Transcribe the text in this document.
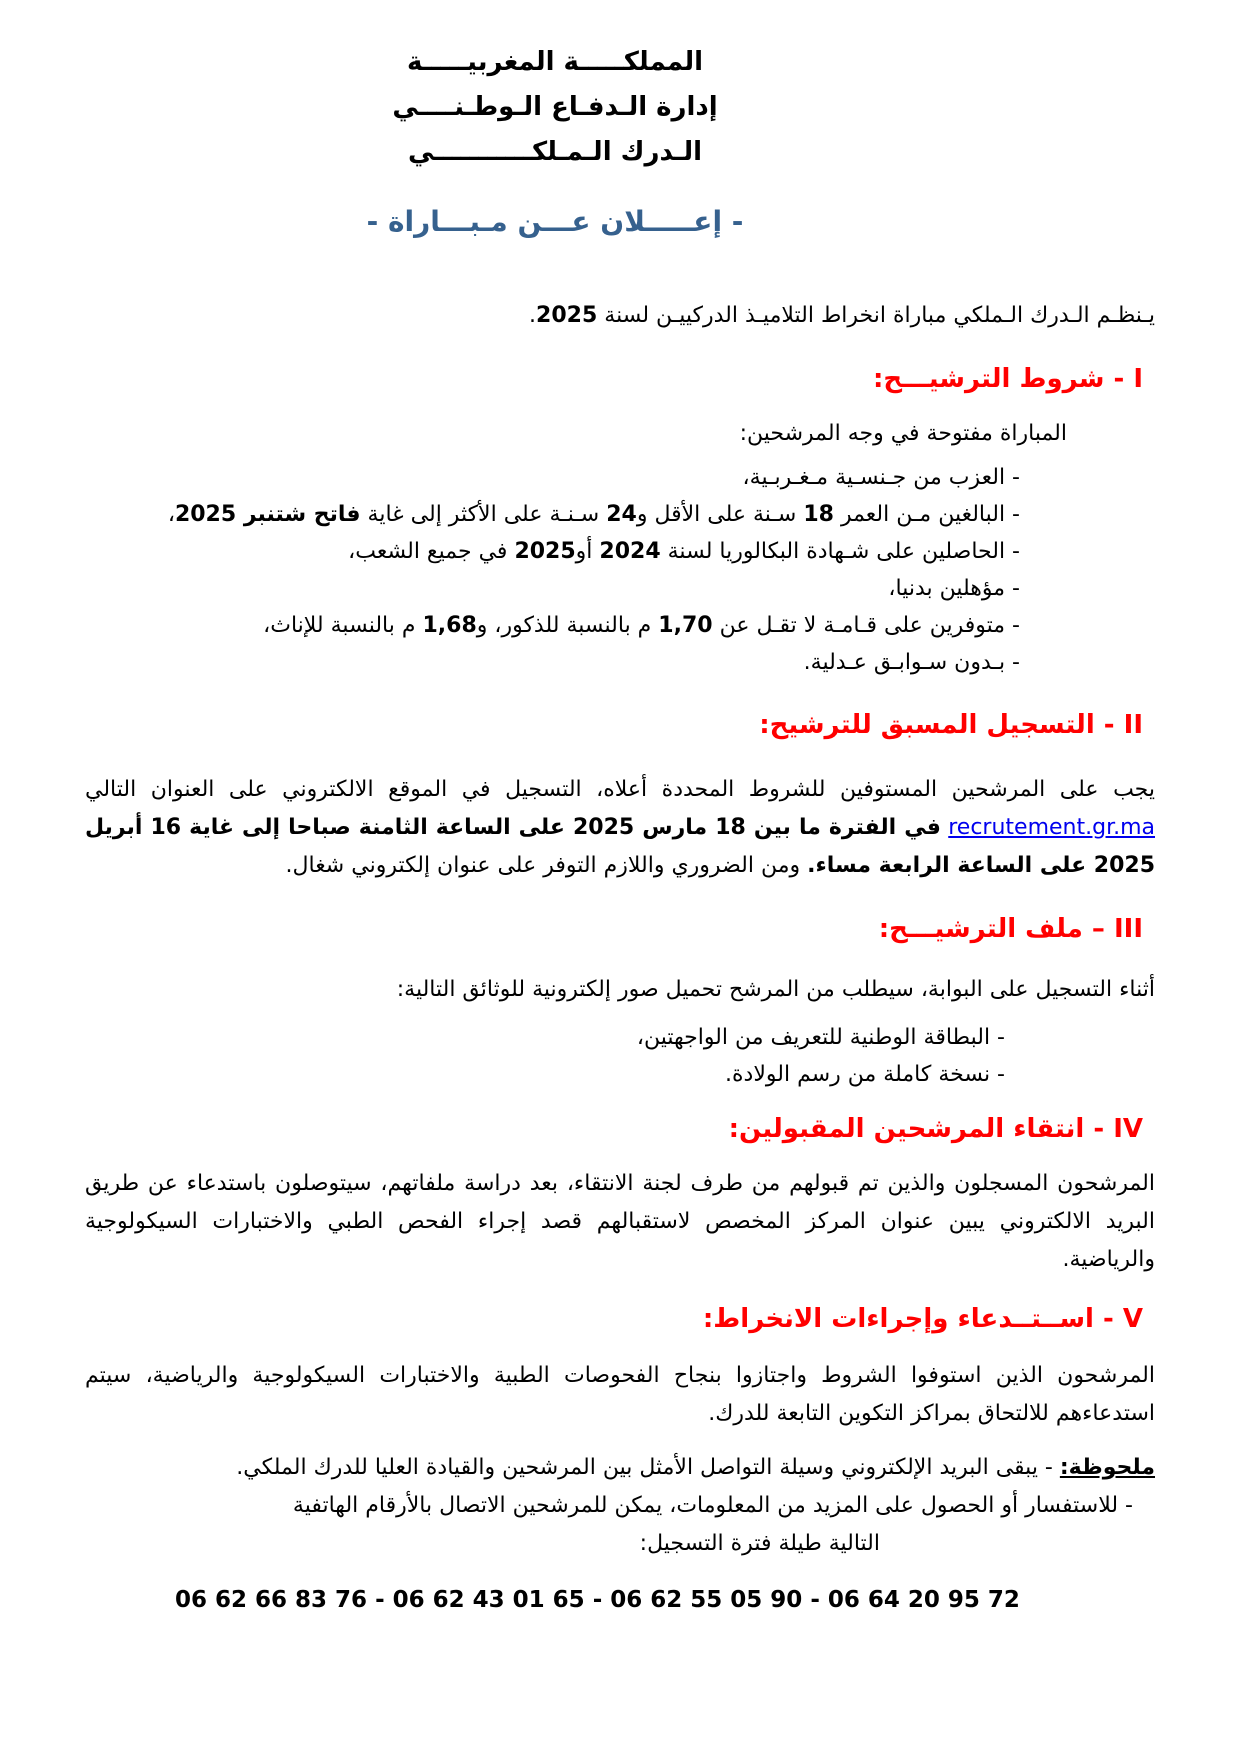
المملكـــــة المغربيـــــة
إدارة الـدفـاع الـوطـنــــي
الـدرك الـمـلكـــــــــــي
- إعـــــلان عـــن مـبـــاراة -

يـنظـم الـدرك الـملكي مباراة انخراط التلاميـذ الدركييـن لسنة 2025.

I - شروط الترشيـــح:

المباراة مفتوحة في وجه المرشحين:

- العزب من جـنسـية مـغـربـية،
- البالغين مـن العمر 18 سـنة على الأقل و24 سـنـة على الأكثر إلى غاية فاتح شتنبر 2025،
- الحاصلين على شـهادة البكالوريا لسنة 2024 أو2025 في جميع الشعب،
- مؤهلين بدنيا،
- متوفرين على قـامـة لا تقـل عن 1,70 م بالنسبة للذكور، و1,68 م بالنسبة للإناث،
- بـدون سـوابـق عـدلية.
II - التسجيل المسبق للترشيح:

يجب على المرشحين المستوفين للشروط المحددة أعلاه، التسجيل في الموقع الالكتروني على العنوان التالي recrutement.gr.ma في الفترة ما بين 18 مارس 2025 على الساعة الثامنة صباحا إلى غاية 16 أبريل 2025 على الساعة الرابعة مساء. ومن الضروري واللازم التوفر على عنوان إلكتروني شغال.

III – ملف الترشيـــح:

أثناء التسجيل على البوابة، سيطلب من المرشح تحميل صور إلكترونية للوثائق التالية:

- البطاقة الوطنية للتعريف من الواجهتين،
- نسخة كاملة من رسم الولادة.
IV - انتقاء المرشحين المقبولين:

المرشحون المسجلون والذين تم قبولهم من طرف لجنة الانتقاء، بعد دراسة ملفاتهم، سيتوصلون باستدعاء عن طريق البريد الالكتروني يبين عنوان المركز المخصص لاستقبالهم قصد إجراء الفحص الطبي والاختبارات السيكولوجية والرياضية.

V - اســتــدعاء وإجراءات الانخراط:

المرشحون الذين استوفوا الشروط واجتازوا بنجاح الفحوصات الطبية والاختبارات السيكولوجية والرياضية، سيتم استدعاءهم للالتحاق بمراكز التكوين التابعة للدرك.

ملحوظة: - يبقى البريد الإلكتروني وسيلة التواصل الأمثل بين المرشحين والقيادة العليا للدرك الملكي.
- للاستفسار أو الحصول على المزيد من المعلومات، يمكن للمرشحين الاتصال بالأرقام الهاتفية
التالية طيلة فترة التسجيل:
06 62 66 83 76 - 06 62 43 01 65 - 06 62 55 05 90 - 06 64 20 95 72
